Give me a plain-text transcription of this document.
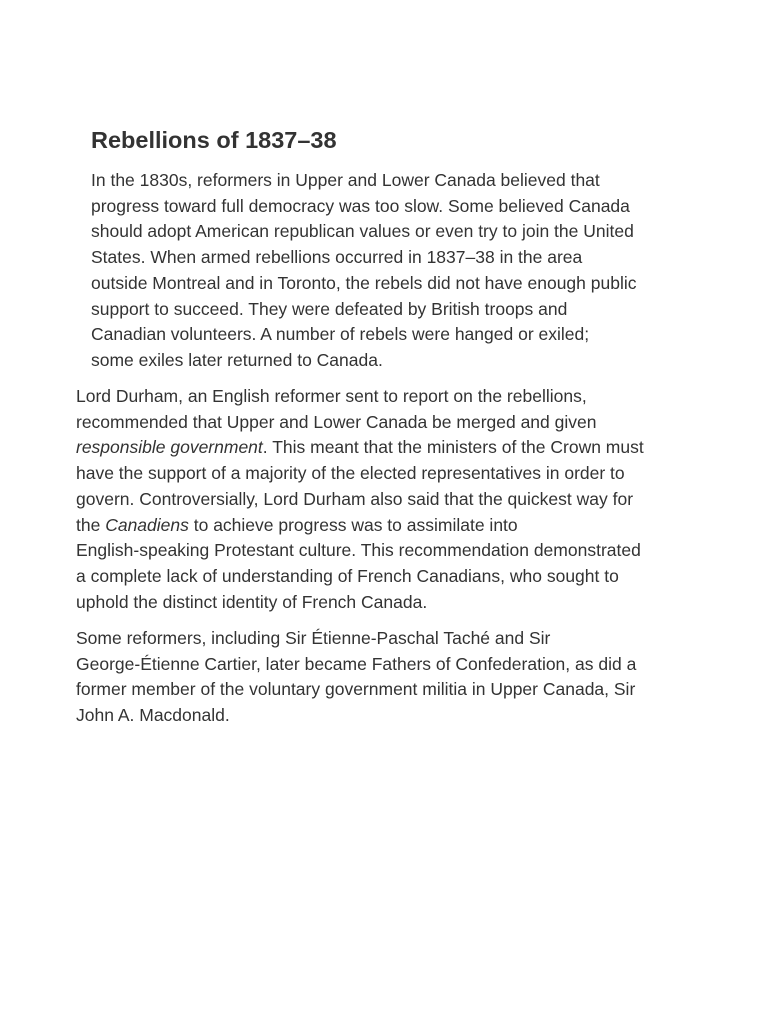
Rebellions of 1837–38

In the 1830s, reformers in Upper and Lower Canada believed that
progress toward full democracy was too slow. Some believed Canada
should adopt American republican values or even try to join the United
States. When armed rebellions occurred in 1837–38 in the area
outside Montreal and in Toronto, the rebels did not have enough public
support to succeed. They were defeated by British troops and
Canadian volunteers. A number of rebels were hanged or exiled;
some exiles later returned to Canada.

Lord Durham, an English reformer sent to report on the rebellions,
recommended that Upper and Lower Canada be merged and given
responsible government. This meant that the ministers of the Crown must
have the support of a majority of the elected representatives in order to
govern. Controversially, Lord Durham also said that the quickest way for
the Canadiens to achieve progress was to assimilate into
English-speaking Protestant culture. This recommendation demonstrated
a complete lack of understanding of French Canadians, who sought to
uphold the distinct identity of French Canada.

Some reformers, including Sir Étienne-Paschal Taché and Sir
George-Étienne Cartier, later became Fathers of Confederation, as did a
former member of the voluntary government militia in Upper Canada, Sir
John A. Macdonald.
